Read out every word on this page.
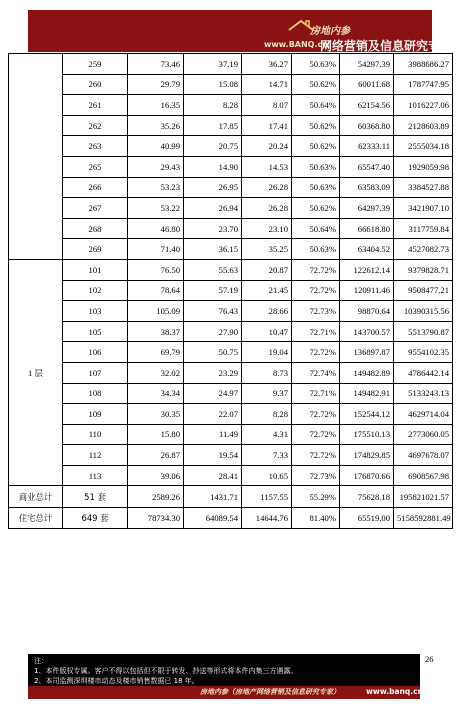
房地内参
www.BANQ.cn
网络营销及信息研究专家
	259	73.46	37.19	36.27	50.63%	54297.39	3988686.27
	260	29.79	15.08	14.71	50.62%	60011.68	1787747.95
	261	16.35	8.28	8.07	50.64%	62154.56	1016227.06
	262	35.26	17.85	17.41	50.62%	60368.80	2128603.89
	263	40.99	20.75	20.24	50.62%	62333.11	2555034.18
	265	29.43	14.90	14.53	50.63%	65547.40	1929059.98
	266	53.23	26.95	26.28	50.63%	63583.09	3384527.88
	267	53.22	26.94	26.28	50.62%	64297.39	3421907.10
	268	46.80	23.70	23.10	50.64%	66618.80	3117759.84
	269	71.40	36.15	35.25	50.63%	63404.52	4527082.73
1 层	101	76.50	55.63	20.87	72.72%	122612.14	9379828.71
	102	78.64	57.19	21.45	72.72%	120911.46	9508477.21
	103	105.09	76.43	28.66	72.73%	98870.64	10390315.56
	105	38.37	27.90	10.47	72.71%	143700.57	5513790.87
	106	69.79	50.75	19.04	72.72%	136897.87	9554102.35
	107	32.02	23.29	8.73	72.74%	149482.89	4786442.14
	108	34.34	24.97	9.37	72.71%	149482.91	5133243.13
	109	30.35	22.07	8.28	72.72%	152544.12	4629714.04
	110	15.80	11.49	4.31	72.72%	175510.13	2773060.05
	112	26.87	19.54	7.33	72.72%	174829.85	4697678.07
	113	39.06	28.41	10.65	72.73%	176870.66	6908567.98
商业总计	51 套	2589.26	1431.71	1157.55	55.29%	75628.18	195821021.57
住宅总计	649 套	78734.30	64089.54	14644.76	81.40%	65519.00	5158592881.49
注：
1、本件版权专属。客户不得以包括但不限于转发、抄送等形式将本件内集三方遇露。
2、本司监测深圳楼市动态及楼市销售数据已 18 年。
26
房地内参（房地产网络营销及信息研究专家）	www.banq.cn
